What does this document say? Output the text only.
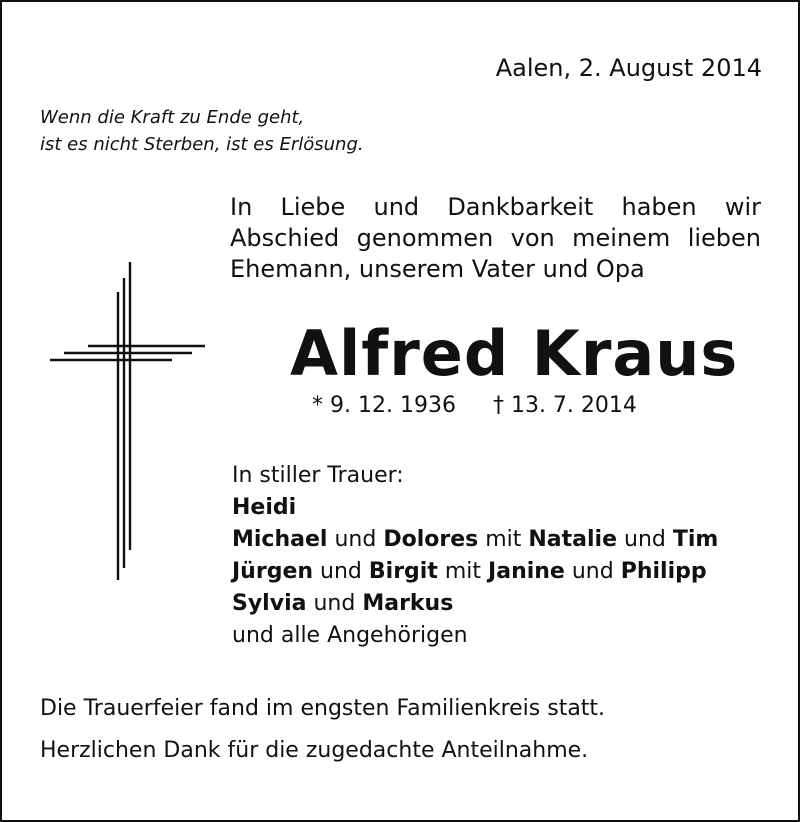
Aalen, 2. August 2014

Wenn die Kraft zu Ende geht,
ist es nicht Sterben, ist es Erlösung.

In Liebe und Dankbarkeit haben wir
Abschied genommen von meinem lieben
Ehemann, unserem Vater und Opa

Alfred Kraus

* 9. 12. 1936 † 13. 7. 2014

In stiller Trauer:
Heidi
Michael und Dolores mit Natalie und Tim
Jürgen und Birgit mit Janine und Philipp
Sylvia und Markus
und alle Angehörigen
Die Trauerfeier fand im engsten Familienkreis statt.
Herzlichen Dank für die zugedachte Anteilnahme.
